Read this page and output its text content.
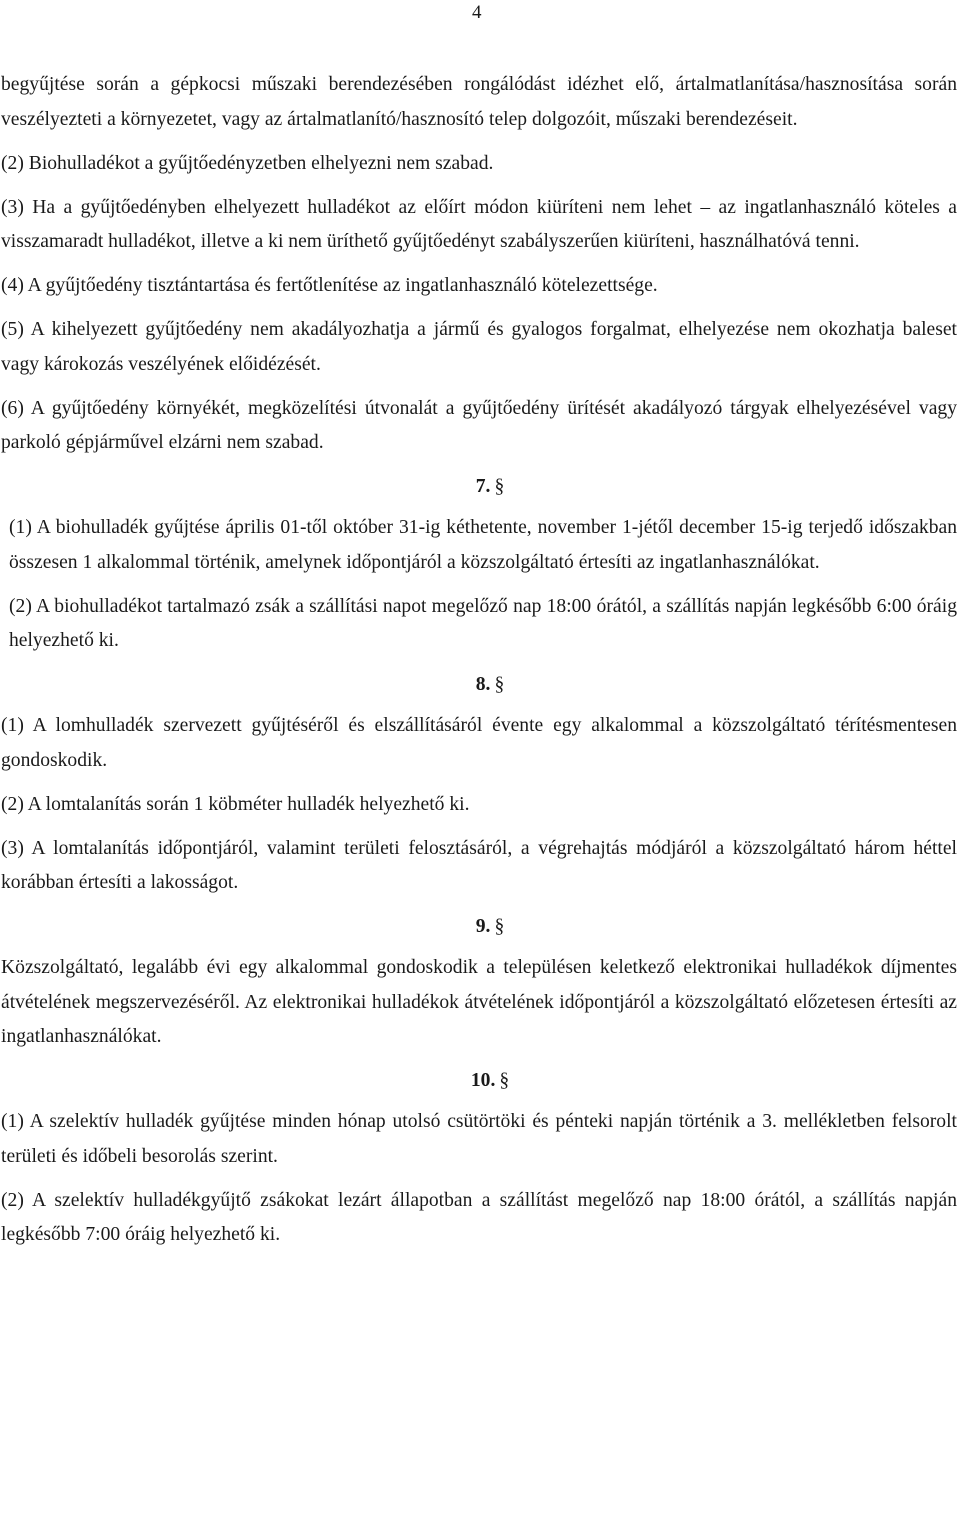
4

begyűjtése során a gépkocsi műszaki berendezésében rongálódást idézhet elő, ártalmatlanítása/hasznosítása során veszélyezteti a környezetet, vagy az ártalmatlanító/hasznosító telep dolgozóit, műszaki berendezéseit.

(2) Biohulladékot a gyűjtőedényzetben elhelyezni nem szabad.

(3) Ha a gyűjtőedényben elhelyezett hulladékot az előírt módon kiüríteni nem lehet – az ingatlanhasználó köteles a visszamaradt hulladékot, illetve a ki nem üríthető gyűjtőedényt szabályszerűen kiüríteni, használhatóvá tenni.

(4) A gyűjtőedény tisztántartása és fertőtlenítése az ingatlanhasználó kötelezettsége.

(5) A kihelyezett gyűjtőedény nem akadályozhatja a jármű és gyalogos forgalmat, elhelyezése nem okozhatja baleset vagy károkozás veszélyének előidézését.

(6) A gyűjtőedény környékét, megközelítési útvonalát a gyűjtőedény ürítését akadályozó tárgyak elhelyezésével vagy parkoló gépjárművel elzárni nem szabad.

7. §

(1) A biohulladék gyűjtése április 01-től október 31-ig kéthetente, november 1-jétől december 15-ig terjedő időszakban összesen 1 alkalommal történik, amelynek időpontjáról a közszolgáltató értesíti az ingatlanhasználókat.

(2) A biohulladékot tartalmazó zsák a szállítási napot megelőző nap 18:00 órától, a szállítás napján legkésőbb 6:00 óráig helyezhető ki.

8. §

(1) A lomhulladék szervezett gyűjtéséről és elszállításáról évente egy alkalommal a közszolgáltató térítésmentesen gondoskodik.

(2) A lomtalanítás során 1 köbméter hulladék helyezhető ki.

(3) A lomtalanítás időpontjáról, valamint területi felosztásáról, a végrehajtás módjáról a közszolgáltató három héttel korábban értesíti a lakosságot.

9. §

Közszolgáltató, legalább évi egy alkalommal gondoskodik a településen keletkező elektronikai hulladékok díjmentes átvételének megszervezéséről. Az elektronikai hulladékok átvételének időpontjáról a közszolgáltató előzetesen értesíti az ingatlanhasználókat.

10. §

(1) A szelektív hulladék gyűjtése minden hónap utolsó csütörtöki és pénteki napján történik a 3. mellékletben felsorolt területi és időbeli besorolás szerint.

(2) A szelektív hulladékgyűjtő zsákokat lezárt állapotban a szállítást megelőző nap 18:00 órától, a szállítás napján legkésőbb 7:00 óráig helyezhető ki.
